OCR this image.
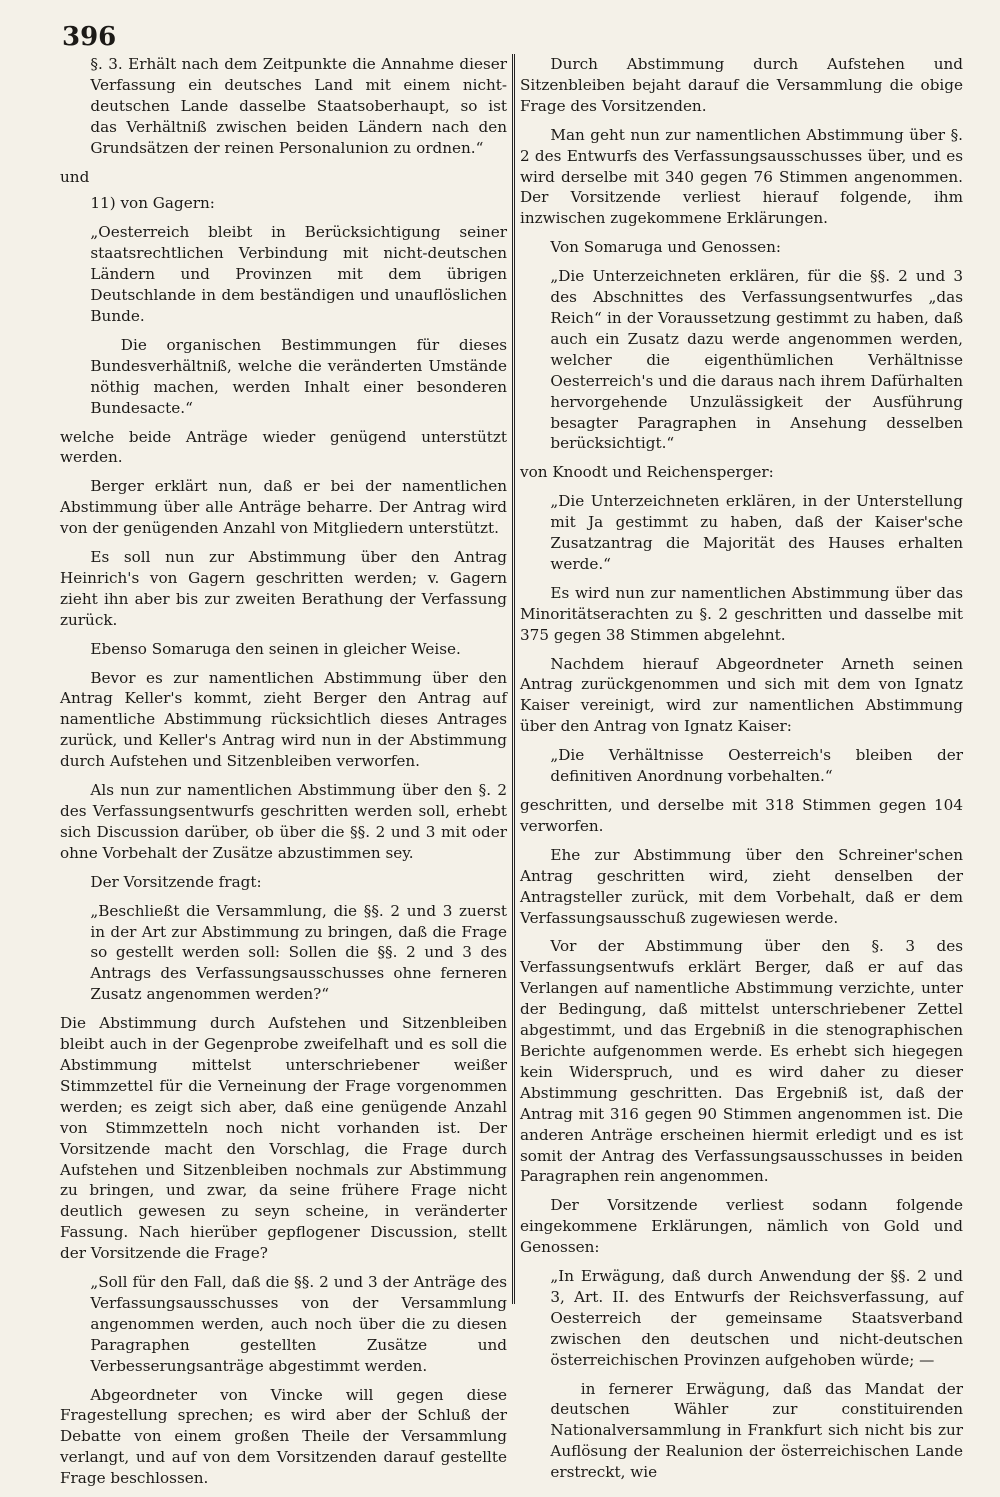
396

§. 3. Erhält nach dem Zeitpunkte die Annahme dieser Verfassung ein deutsches Land mit einem nicht-deutschen Lande dasselbe Staatsoberhaupt, so ist das Verhältniß zwischen beiden Ländern nach den Grundsätzen der reinen Personalunion zu ordnen.“

und

11) von Gagern:

„Oesterreich bleibt in Berücksichtigung seiner staatsrechtlichen Verbindung mit nicht-deutschen Ländern und Provinzen mit dem übrigen Deutschlande in dem beständigen und unauflöslichen Bunde.

Die organischen Bestimmungen für dieses Bundesverhältniß, welche die veränderten Umstände nöthig machen, werden Inhalt einer besonderen Bundesacte.“

welche beide Anträge wieder genügend unterstützt werden.

Berger erklärt nun, daß er bei der namentlichen Abstimmung über alle Anträge beharre. Der Antrag wird von der genügenden Anzahl von Mitgliedern unterstützt.

Es soll nun zur Abstimmung über den Antrag Heinrich's von Gagern geschritten werden; v. Gagern zieht ihn aber bis zur zweiten Berathung der Verfassung zurück.

Ebenso Somaruga den seinen in gleicher Weise.

Bevor es zur namentlichen Abstimmung über den Antrag Keller's kommt, zieht Berger den Antrag auf namentliche Abstimmung rücksichtlich dieses Antrages zurück, und Keller's Antrag wird nun in der Abstimmung durch Aufstehen und Sitzenbleiben verworfen.

Als nun zur namentlichen Abstimmung über den §. 2 des Verfassungsentwurfs geschritten werden soll, erhebt sich Discussion darüber, ob über die §§. 2 und 3 mit oder ohne Vorbehalt der Zusätze abzustimmen sey.

Der Vorsitzende fragt:

„Beschließt die Versammlung, die §§. 2 und 3 zuerst in der Art zur Abstimmung zu bringen, daß die Frage so gestellt werden soll: Sollen die §§. 2 und 3 des Antrags des Verfassungsausschusses ohne ferneren Zusatz angenommen werden?“

Die Abstimmung durch Aufstehen und Sitzenbleiben bleibt auch in der Gegenprobe zweifelhaft und es soll die Abstimmung mittelst unterschriebener weißer Stimmzettel für die Verneinung der Frage vorgenommen werden; es zeigt sich aber, daß eine genügende Anzahl von Stimmzetteln noch nicht vorhanden ist. Der Vorsitzende macht den Vorschlag, die Frage durch Aufstehen und Sitzenbleiben nochmals zur Abstimmung zu bringen, und zwar, da seine frühere Frage nicht deutlich gewesen zu seyn scheine, in veränderter Fassung. Nach hierüber gepflogener Discussion, stellt der Vorsitzende die Frage?

„Soll für den Fall, daß die §§. 2 und 3 der Anträge des Verfassungsausschusses von der Versammlung angenommen werden, auch noch über die zu diesen Paragraphen gestellten Zusätze und Verbesserungsanträge abgestimmt werden.

Abgeordneter von Vincke will gegen diese Fragestellung sprechen; es wird aber der Schluß der Debatte von einem großen Theile der Versammlung verlangt, und auf von dem Vorsitzenden darauf gestellte Frage beschlossen.

Durch Abstimmung durch Aufstehen und Sitzenbleiben bejaht darauf die Versammlung die obige Frage des Vorsitzenden.

Man geht nun zur namentlichen Abstimmung über §. 2 des Entwurfs des Verfassungsausschusses über, und es wird derselbe mit 340 gegen 76 Stimmen angenommen. Der Vorsitzende verliest hierauf folgende, ihm inzwischen zugekommene Erklärungen.

Von Somaruga und Genossen:

„Die Unterzeichneten erklären, für die §§. 2 und 3 des Abschnittes des Verfassungsentwurfes „das Reich“ in der Voraussetzung gestimmt zu haben, daß auch ein Zusatz dazu werde angenommen werden, welcher die eigenthümlichen Verhältnisse Oesterreich's und die daraus nach ihrem Dafürhalten hervorgehende Unzulässigkeit der Ausführung besagter Paragraphen in Ansehung desselben berücksichtigt.“

von Knoodt und Reichensperger:

„Die Unterzeichneten erklären, in der Unterstellung mit Ja gestimmt zu haben, daß der Kaiser'sche Zusatzantrag die Majorität des Hauses erhalten werde.“

Es wird nun zur namentlichen Abstimmung über das Minoritätserachten zu §. 2 geschritten und dasselbe mit 375 gegen 38 Stimmen abgelehnt.

Nachdem hierauf Abgeordneter Arneth seinen Antrag zurückgenommen und sich mit dem von Ignatz Kaiser vereinigt, wird zur namentlichen Abstimmung über den Antrag von Ignatz Kaiser:

„Die Verhältnisse Oesterreich's bleiben der definitiven Anordnung vorbehalten.“

geschritten, und derselbe mit 318 Stimmen gegen 104 verworfen.

Ehe zur Abstimmung über den Schreiner'schen Antrag geschritten wird, zieht denselben der Antragsteller zurück, mit dem Vorbehalt, daß er dem Verfassungsausschuß zugewiesen werde.

Vor der Abstimmung über den §. 3 des Verfassungsentwufs erklärt Berger, daß er auf das Verlangen auf namentliche Abstimmung verzichte, unter der Bedingung, daß mittelst unterschriebener Zettel abgestimmt, und das Ergebniß in die stenographischen Berichte aufgenommen werde. Es erhebt sich hiegegen kein Widerspruch, und es wird daher zu dieser Abstimmung geschritten. Das Ergebniß ist, daß der Antrag mit 316 gegen 90 Stimmen angenommen ist. Die anderen Anträge erscheinen hiermit erledigt und es ist somit der Antrag des Verfassungsausschusses in beiden Paragraphen rein angenommen.

Der Vorsitzende verliest sodann folgende eingekommene Erklärungen, nämlich von Gold und Genossen:

„In Erwägung, daß durch Anwendung der §§. 2 und 3, Art. II. des Entwurfs der Reichsverfassung, auf Oesterreich der gemeinsame Staatsverband zwischen den deutschen und nicht-deutschen österreichischen Provinzen aufgehoben würde; —

in fernerer Erwägung, daß das Mandat der deutschen Wähler zur constituirenden Nationalversammlung in Frankfurt sich nicht bis zur Auflösung der Realunion der österreichischen Lande erstreckt, wie
